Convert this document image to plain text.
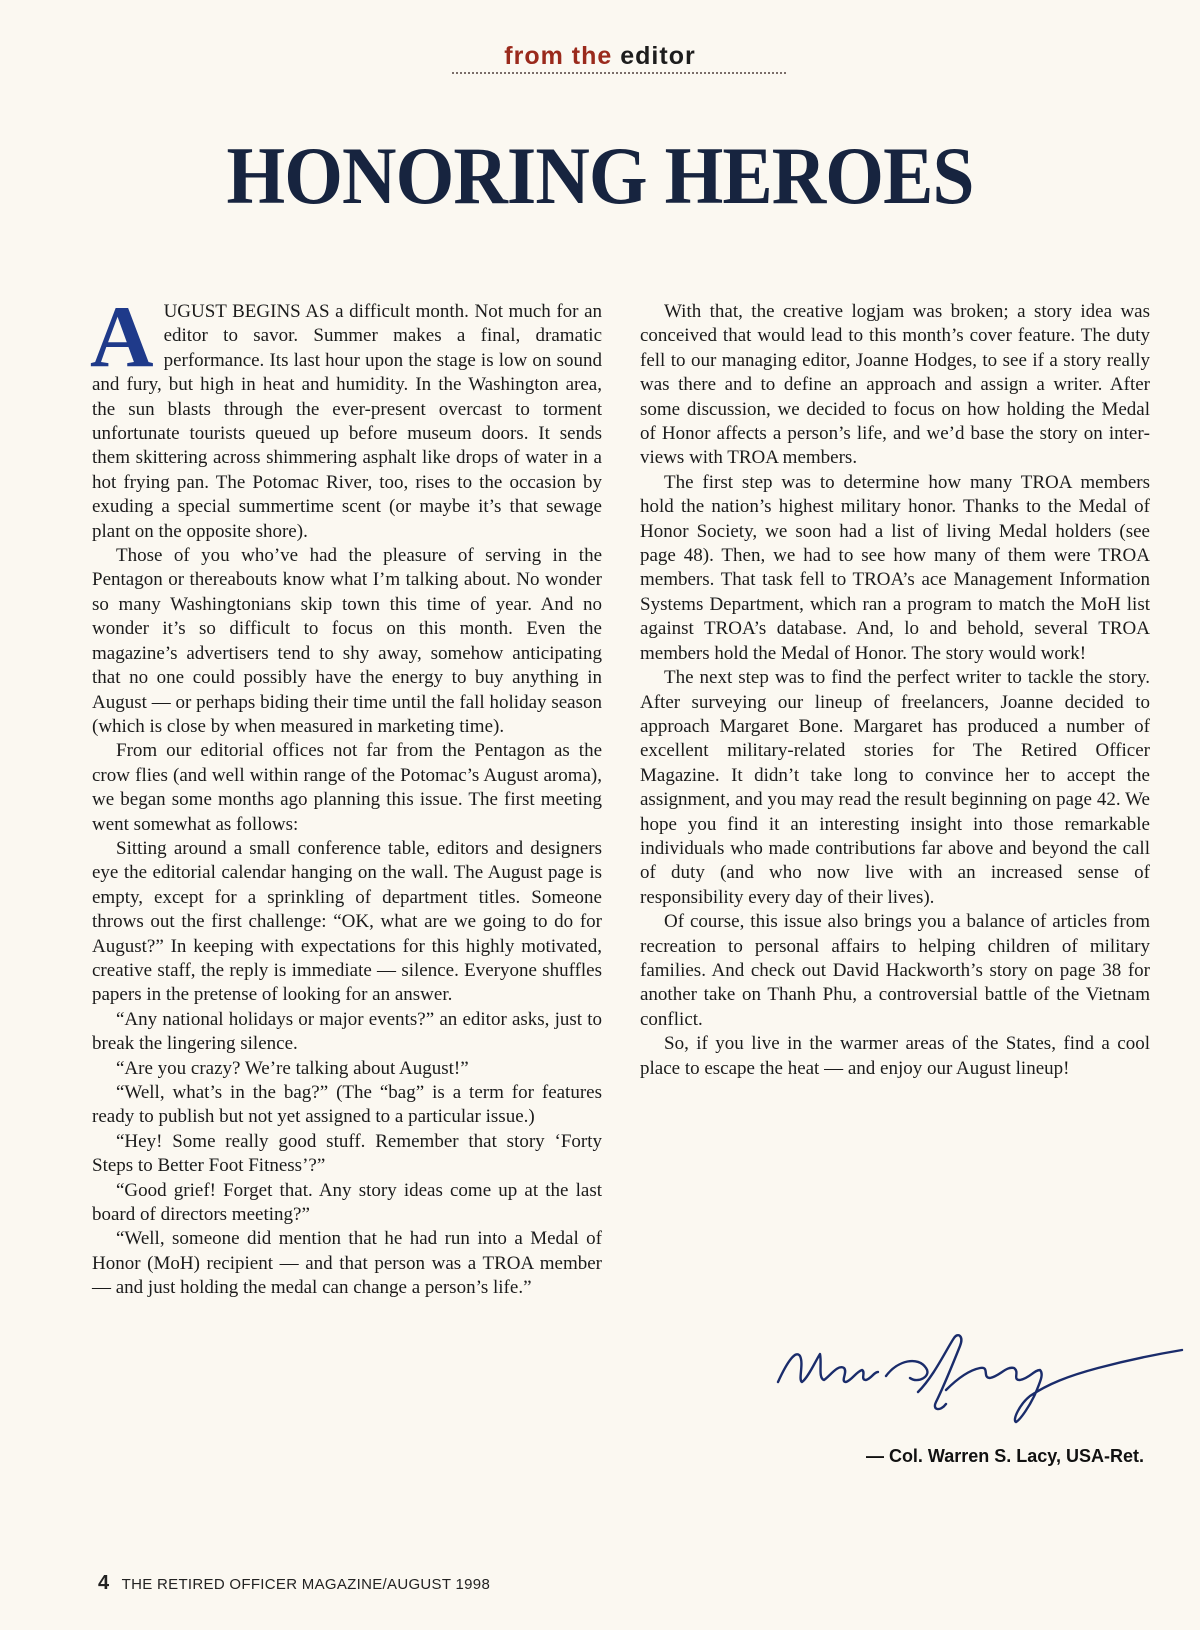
from the editor
HONORING HEROES

A UGUST BEGINS AS a difficult month. Not much for an editor to savor. Summer makes a final, dramatic performance. Its last hour upon the stage is low on sound and fury, but high in heat and humidity. In the Washington area, the sun blasts through the ever-present overcast to torment unfortunate tourists queued up before museum doors. It sends them skittering across shimmering asphalt like drops of water in a hot frying pan. The Potomac River, too, rises to the occasion by exuding a special summertime scent (or maybe it’s that sewage plant on the opposite shore).

Those of you who’ve had the pleasure of serving in the Pentagon or thereabouts know what I’m talking about. No wonder so many Washingtonians skip town this time of year. And no wonder it’s so difficult to focus on this month. Even the magazine’s advertisers tend to shy away, somehow anticipating that no one could possibly have the energy to buy anything in August — or perhaps biding their time until the fall holiday season (which is close by when measured in marketing time).

From our editorial offices not far from the Pentagon as the crow flies (and well within range of the Potomac’s August aroma), we began some months ago planning this issue. The first meeting went somewhat as follows:

Sitting around a small conference table, editors and designers eye the editorial calendar hanging on the wall. The August page is empty, except for a sprinkling of department titles. Someone throws out the first challenge: “OK, what are we going to do for August?” In keeping with expectations for this highly motivated, creative staff, the reply is immediate — silence. Everyone shuffles papers in the pretense of looking for an answer.

“Any national holidays or major events?” an editor asks, just to break the lingering silence.

“Are you crazy? We’re talking about August!”

“Well, what’s in the bag?” (The “bag” is a term for features ready to publish but not yet assigned to a particular issue.)

“Hey! Some really good stuff. Remember that story ‘Forty Steps to Better Foot Fitness’?”

“Good grief! Forget that. Any story ideas come up at the last board of directors meeting?”

“Well, someone did mention that he had run into a Medal of Honor (MoH) recipient — and that person was a TROA member — and just holding the medal can change a person’s life.”

With that, the creative logjam was broken; a story idea was conceived that would lead to this month’s cover feature. The duty fell to our managing editor, Joanne Hodges, to see if a story really was there and to define an approach and assign a writer. After some discussion, we decided to focus on how holding the Medal of Honor affects a person’s life, and we’d base the story on interviews with TROA members.

The first step was to determine how many TROA members hold the nation’s highest military honor. Thanks to the Medal of Honor Society, we soon had a list of living Medal holders (see page 48). Then, we had to see how many of them were TROA members. That task fell to TROA’s ace Management Information Systems Department, which ran a program to match the MoH list against TROA’s database. And, lo and behold, several TROA members hold the Medal of Honor. The story would work!

The next step was to find the perfect writer to tackle the story. After surveying our lineup of freelancers, Joanne decided to approach Margaret Bone. Margaret has produced a number of excellent military-related stories for The Retired Officer Magazine. It didn’t take long to convince her to accept the assignment, and you may read the result beginning on page 42. We hope you find it an interesting insight into those remarkable individuals who made contributions far above and beyond the call of duty (and who now live with an increased sense of responsibility every day of their lives).

Of course, this issue also brings you a balance of articles from recreation to personal affairs to helping children of military families. And check out David Hackworth’s story on page 38 for another take on Thanh Phu, a controversial battle of the Vietnam conflict.

So, if you live in the warmer areas of the States, find a cool place to escape the heat — and enjoy our August lineup!

— Col. Warren S. Lacy, USA-Ret.
4 THE RETIRED OFFICER MAGAZINE/AUGUST 1998
